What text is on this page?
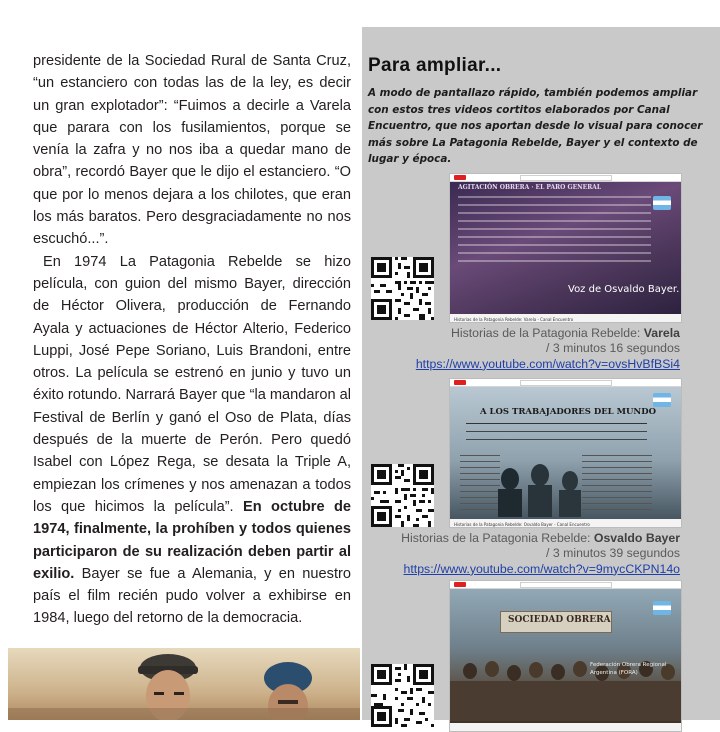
presidente de la Sociedad Rural de Santa Cruz, “un estanciero con todas las de la ley, es decir un gran explotador”: “Fuimos a decirle a Varela que parara con los fusilamientos, porque se venía la zafra y no nos iba a quedar mano de obra”, recordó Bayer que le dijo el estanciero. “O que por lo menos dejara a los chilotes, que eran los más baratos. Pero desgraciadamente no nos escuchó...”.

En 1974 La Patagonia Rebelde se hizo película, con guion del mismo Bayer, dirección de Héctor Olivera, producción de Fernando Ayala y actuaciones de Héctor Alterio, Federico Luppi, José Pepe Soriano, Luis Brandoni, entre otros. La película se estrenó en junio y tuvo un éxito rotundo. Narrará Bayer que “la mandaron al Festival de Berlín y ganó el Oso de Plata, días después de la muerte de Perón. Pero quedó Isabel con López Rega, se desata la Triple A, empiezan los crímenes y nos amenazan a todos los que hicimos la película”. En octubre de 1974, finalmente, la prohíben y todos quienes participaron de su realización deben partir al exilio. Bayer se fue a Alemania, y en nuestro país el film recién pudo volver a exhibirse en 1984, luego del retorno de la democracia.

Para ampliar...
A modo de pantallazo rápido, también podemos ampliar con estos tres videos cortitos elaborados por Canal Encuentro, que nos aportan desde lo visual para conocer más sobre La Patagonia Rebelde, Bayer y el contexto de lugar y época.
AGITACIÓN OBRERA · EL PARO GENERAL
Voz de Osvaldo Bayer.
Historias de la Patagonia Rebelde: Varela - Canal Encuentro
Historias de la Patagonia Rebelde: Varela
/ 3 minutos 16 segundos
https://www.youtube.com/watch?v=ovsHvBfBSi4
A LOS TRABAJADORES DEL MUNDO
Historias de la Patagonia Rebelde: Osvaldo Bayer - Canal Encuentro
Historias de la Patagonia Rebelde: Osvaldo Bayer
/ 3 minutos 39 segundos
https://www.youtube.com/watch?v=9mycCKPN14o
SOCIEDAD OBRERA
Federación Obrera Regional Argentina (FORA)
